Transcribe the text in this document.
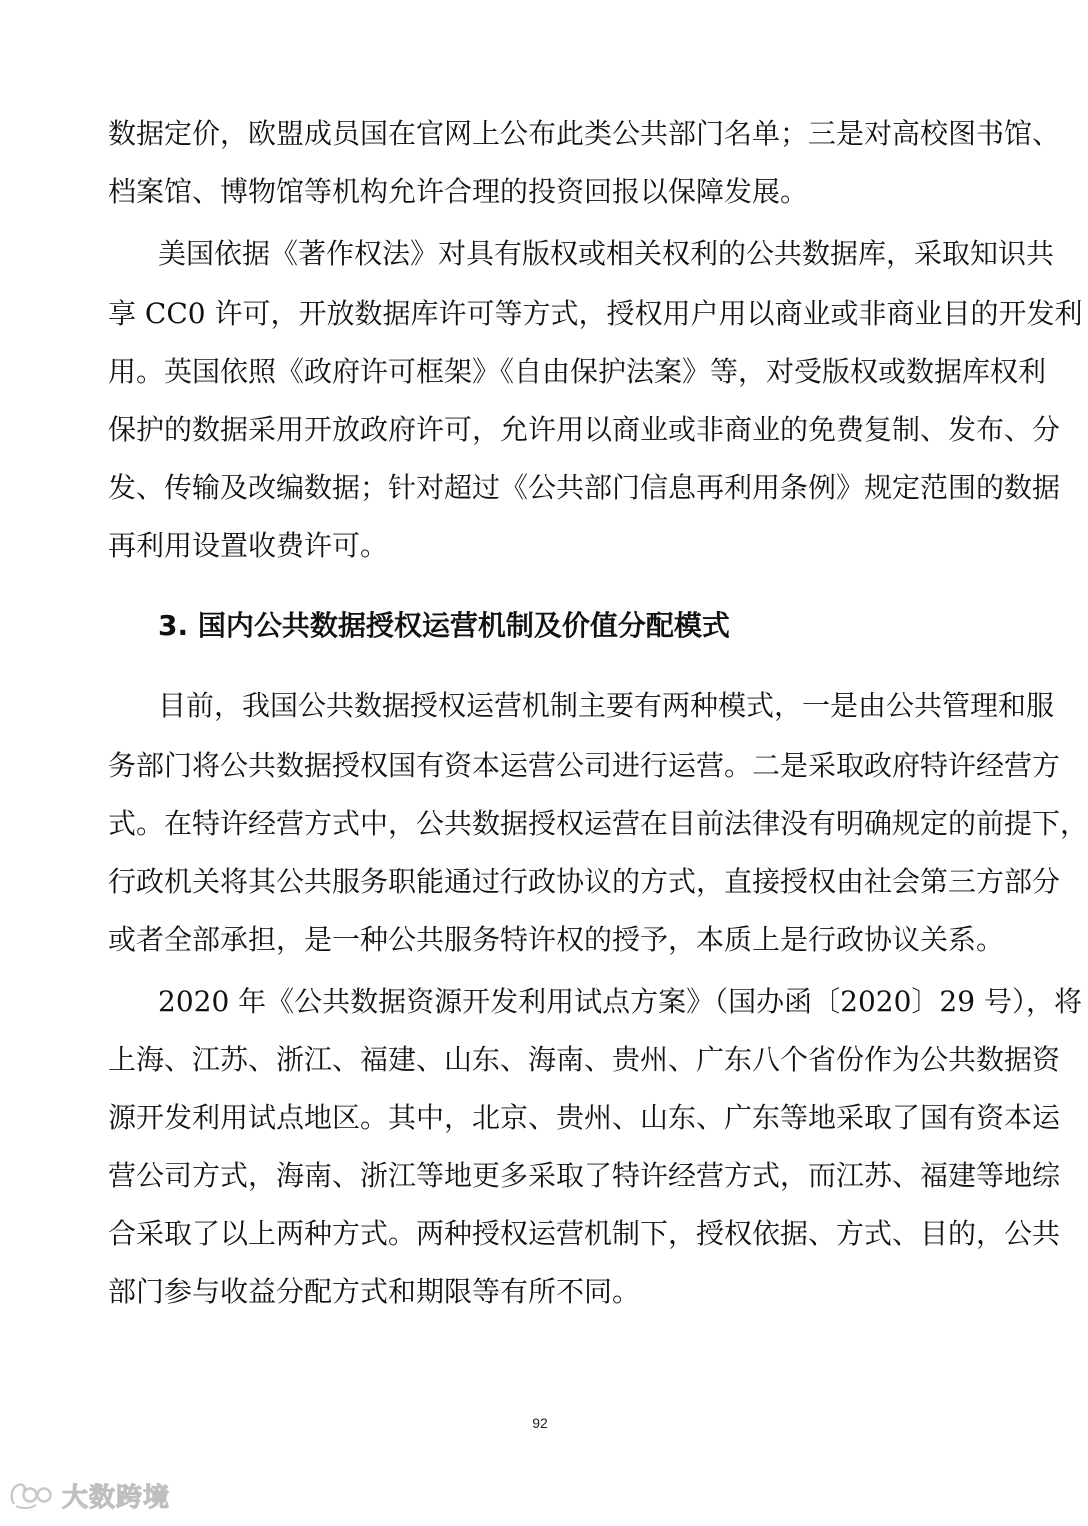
数据定价，欧盟成员国在官网上公布此类公共部门名单；三是对高校图书馆、
档案馆、博物馆等机构允许合理的投资回报以保障发展。
美国依据《著作权法》对具有版权或相关权利的公共数据库，采取知识共
享 CC0 许可，开放数据库许可等方式，授权用户用以商业或非商业目的开发利
用。英国依照《政府许可框架》《自由保护法案》等，对受版权或数据库权利
保护的数据采用开放政府许可，允许用以商业或非商业的免费复制、发布、分
发、传输及改编数据；针对超过《公共部门信息再利用条例》规定范围的数据
再利用设置收费许可。
3. 国内公共数据授权运营机制及价值分配模式
目前，我国公共数据授权运营机制主要有两种模式，一是由公共管理和服
务部门将公共数据授权国有资本运营公司进行运营。二是采取政府特许经营方
式。在特许经营方式中，公共数据授权运营在目前法律没有明确规定的前提下，
行政机关将其公共服务职能通过行政协议的方式，直接授权由社会第三方部分
或者全部承担，是一种公共服务特许权的授予，本质上是行政协议关系。
2020 年《公共数据资源开发利用试点方案》（国办函〔2020〕29 号），将
上海、江苏、浙江、福建、山东、海南、贵州、广东八个省份作为公共数据资
源开发利用试点地区。其中，北京、贵州、山东、广东等地采取了国有资本运
营公司方式，海南、浙江等地更多采取了特许经营方式，而江苏、福建等地综
合采取了以上两种方式。两种授权运营机制下，授权依据、方式、目的，公共
部门参与收益分配方式和期限等有所不同。
92
大数跨境
